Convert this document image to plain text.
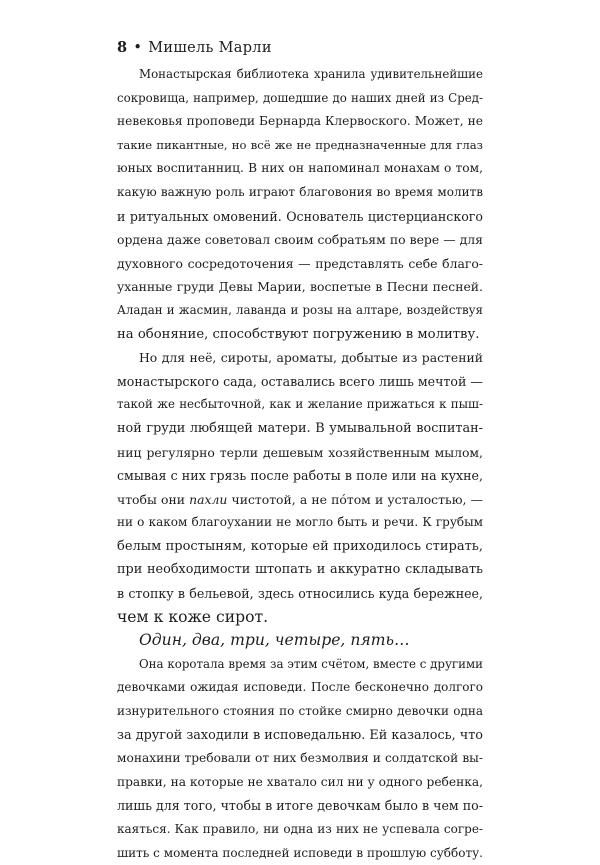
8 • Мишель Марли
Монастырская библиотека хранила удивительнейшие
сокровища, например, дошедшие до наших дней из Сред-
невековья проповеди Бернарда Клервоского. Может, не
такие пикантные, но всё же не предназначенные для глаз
юных воспитанниц. В них он напоминал монахам о том,
какую важную роль играют благовония во время молитв
и ритуальных омовений. Основатель цистерцианского
ордена даже советовал своим собратьям по вере — для
духовного сосредоточения — представлять себе благо-
уханные груди Девы Марии, воспетые в Песни песней.
Аладан и жасмин, лаванда и розы на алтаре, воздействуя
на обоняние, способствуют погружению в молитву.
Но для неё, сироты, ароматы, добытые из растений
монастырского сада, оставались всего лишь мечтой —
такой же несбыточной, как и желание прижаться к пыш-
ной груди любящей матери. В умывальной воспитан-
ниц регулярно терли дешевым хозяйственным мылом,
смывая с них грязь после работы в поле или на кухне,
чтобы они пахли чистотой, а не пóтом и усталостью, —
ни о каком благоухании не могло быть и речи. К грубым
белым простыням, которые ей приходилось стирать,
при необходимости штопать и аккуратно складывать
в стопку в бельевой, здесь относились куда бережнее,
чем к коже сирот.
Один, два, три, четыре, пять…
Она коротала время за этим счётом, вместе с другими
девочками ожидая исповеди. После бесконечно долгого
изнурительного стояния по стойке смирно девочки одна
за другой заходили в исповедальню. Ей казалось, что
монахини требовали от них безмолвия и солдатской вы-
правки, на которые не хватало сил ни у одного ребенка,
лишь для того, чтобы в итоге девочкам было в чем по-
каяться. Как правило, ни одна из них не успевала согре-
шить с момента последней исповеди в прошлую субботу.
